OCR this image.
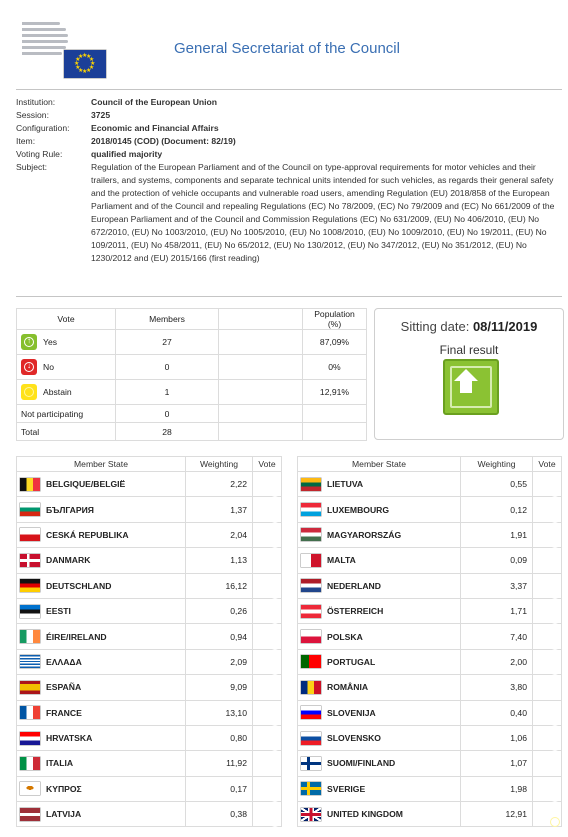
★
★
★
★
★
★
★
★
★
★
★
★
General Secretariat of the Council
Institution:	Council of the European Union
Session:	3725
Configuration:	Economic and Financial Affairs
Item:	2018/0145 (COD) (Document: 82/19)
Voting Rule:	qualified majority
Subject:	Regulation of the European Parliament and of the Council on type-approval requirements for motor vehicles and their trailers, and systems, components and separate technical units intended for such vehicles, as regards their general safety and the protection of vehicle occupants and vulnerable road users, amending Regulation (EU) 2018/858 of the European Parliament and of the Council and repealing Regulations (EC) No 78/2009, (EC) No 79/2009 and (EC) No 661/2009 of the European Parliament and of the Council and Commission Regulations (EC) No 631/2009, (EU) No 406/2010, (EU) No 672/2010, (EU) No 1003/2010, (EU) No 1005/2010, (EU) No 1008/2010, (EU) No 1009/2010, (EU) No 19/2011, (EU) No 109/2011, (EU) No 458/2011, (EU) No 65/2012, (EU) No 130/2012, (EU) No 347/2012, (EU) No 351/2012, (EU) No 1230/2012 and (EU) 2015/166 (first reading)
Vote	Members		Population (%)

↑ Yes	27		87,09%

↓ No	0		0%

Abstain	1		12,91%

Not participating	0		

Total	28		
Sitting date: 08/11/2019
Final result
Member State	Weighting	Vote

BELGIQUE/BELGIË	2,22	↑

БЪЛГАРИЯ	1,37	↑

CESKÁ REPUBLIKA	2,04	↑

DANMARK	1,13	↑

DEUTSCHLAND	16,12	↑

EESTI	0,26	↑

ÉIRE/IRELAND	0,94	↑

ΕΛΛΑΔΑ	2,09	↑

ESPAÑA	9,09	↑

FRANCE	13,10	↑

HRVATSKA	0,80	↑

ITALIA	11,92	↑

ΚΥΠΡΟΣ	0,17	↑

LATVIJA	0,38	↑
Member State	Weighting	Vote

LIETUVA	0,55	↑

LUXEMBOURG	0,12	↑

MAGYARORSZÁG	1,91	↑

MALTA	0,09	↑

NEDERLAND	3,37	↑

ÖSTERREICH	1,71	↑

POLSKA	7,40	↑

PORTUGAL	2,00	↑

ROMÂNIA	3,80	↑

SLOVENIJA	0,40	↑

SLOVENSKO	1,06	↑

SUOMI/FINLAND	1,07	↑

SVERIGE	1,98	↑

UNITED KINGDOM	12,91	
